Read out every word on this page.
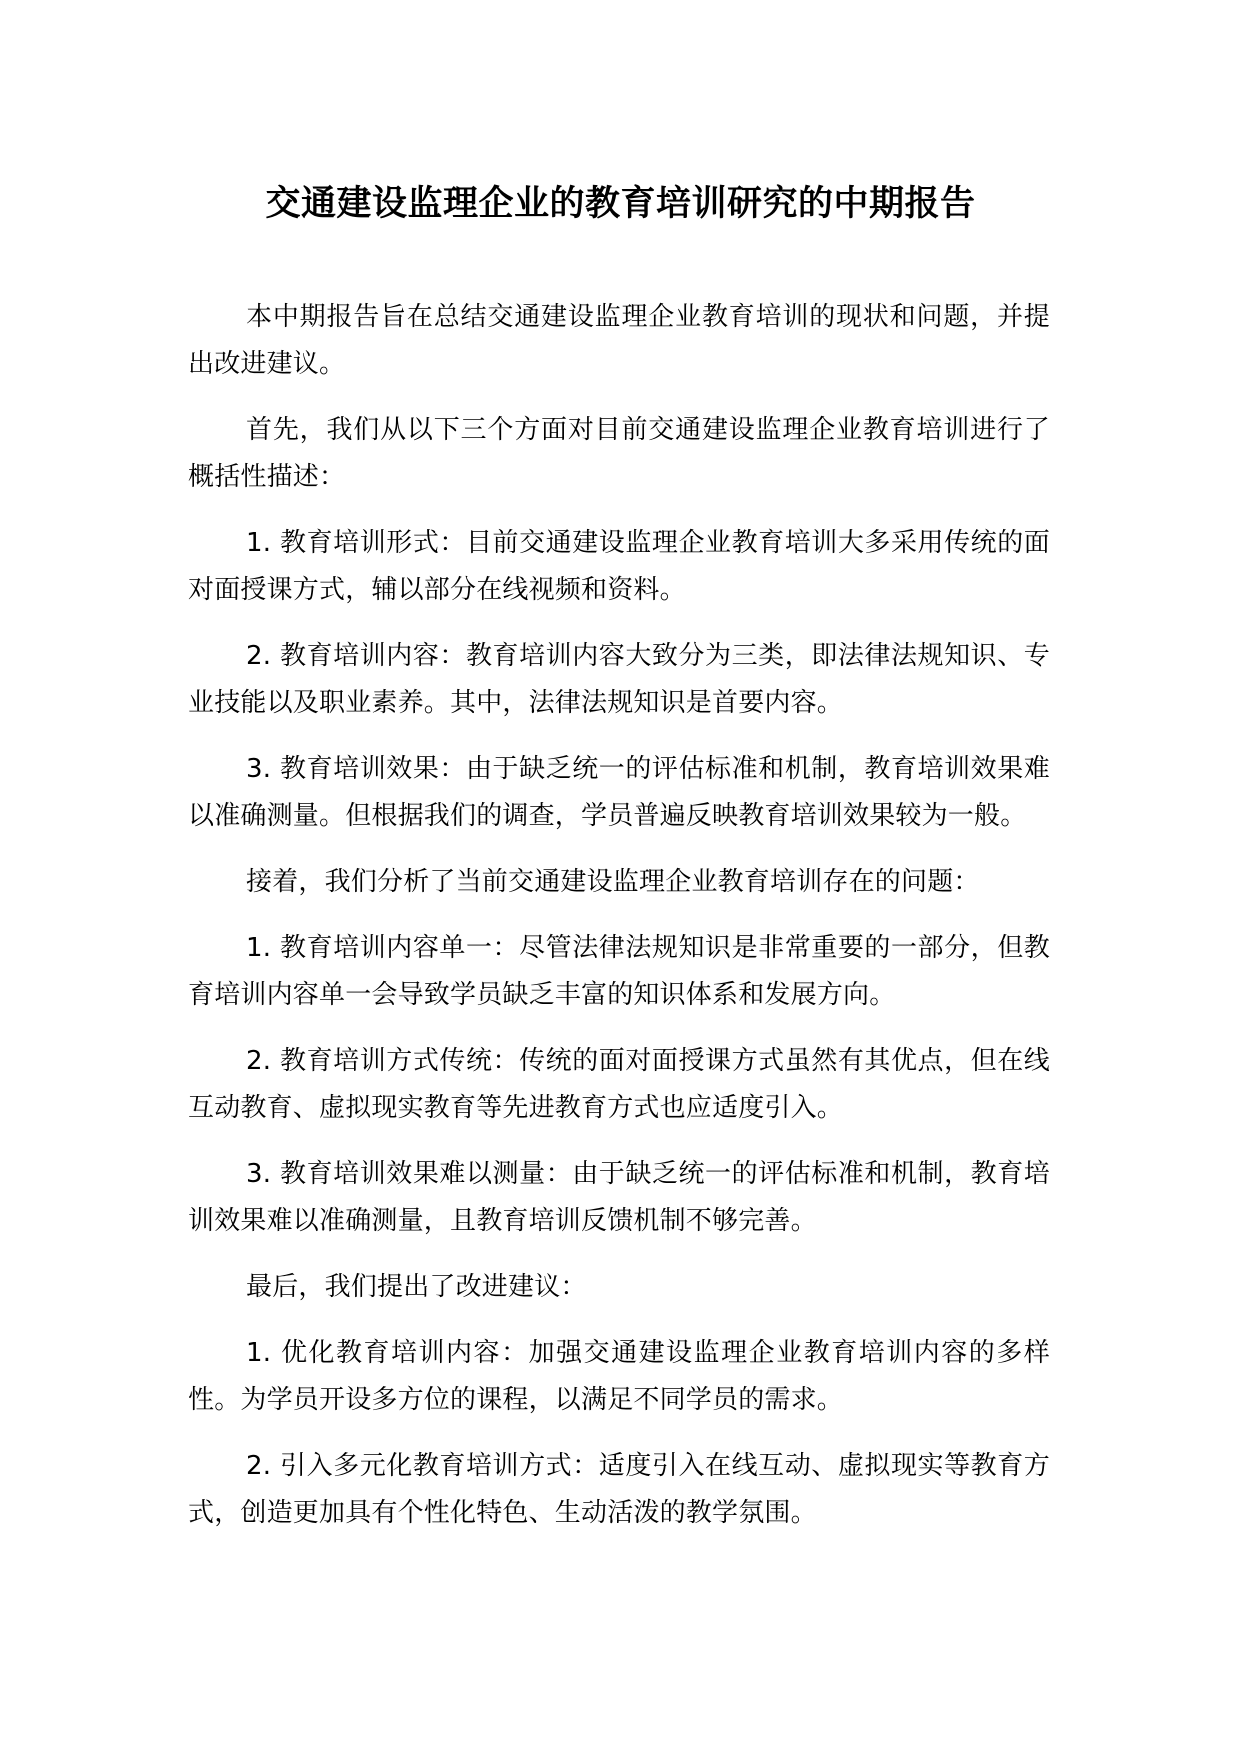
交通建设监理企业的教育培训研究的中期报告

本中期报告旨在总结交通建设监理企业教育培训的现状和问题，并提出改进建议。

首先，我们从以下三个方面对目前交通建设监理企业教育培训进行了概括性描述：

1. 教育培训形式：目前交通建设监理企业教育培训大多采用传统的面对面授课方式，辅以部分在线视频和资料。

2. 教育培训内容：教育培训内容大致分为三类，即法律法规知识、专业技能以及职业素养。其中，法律法规知识是首要内容。

3. 教育培训效果：由于缺乏统一的评估标准和机制，教育培训效果难以准确测量。但根据我们的调查，学员普遍反映教育培训效果较为一般。

接着，我们分析了当前交通建设监理企业教育培训存在的问题：

1. 教育培训内容单一：尽管法律法规知识是非常重要的一部分，但教育培训内容单一会导致学员缺乏丰富的知识体系和发展方向。

2. 教育培训方式传统：传统的面对面授课方式虽然有其优点，但在线互动教育、虚拟现实教育等先进教育方式也应适度引入。

3. 教育培训效果难以测量：由于缺乏统一的评估标准和机制，教育培训效果难以准确测量，且教育培训反馈机制不够完善。

最后，我们提出了改进建议：

1. 优化教育培训内容：加强交通建设监理企业教育培训内容的多样性。为学员开设多方位的课程，以满足不同学员的需求。

2. 引入多元化教育培训方式：适度引入在线互动、虚拟现实等教育方式，创造更加具有个性化特色、生动活泼的教学氛围。
